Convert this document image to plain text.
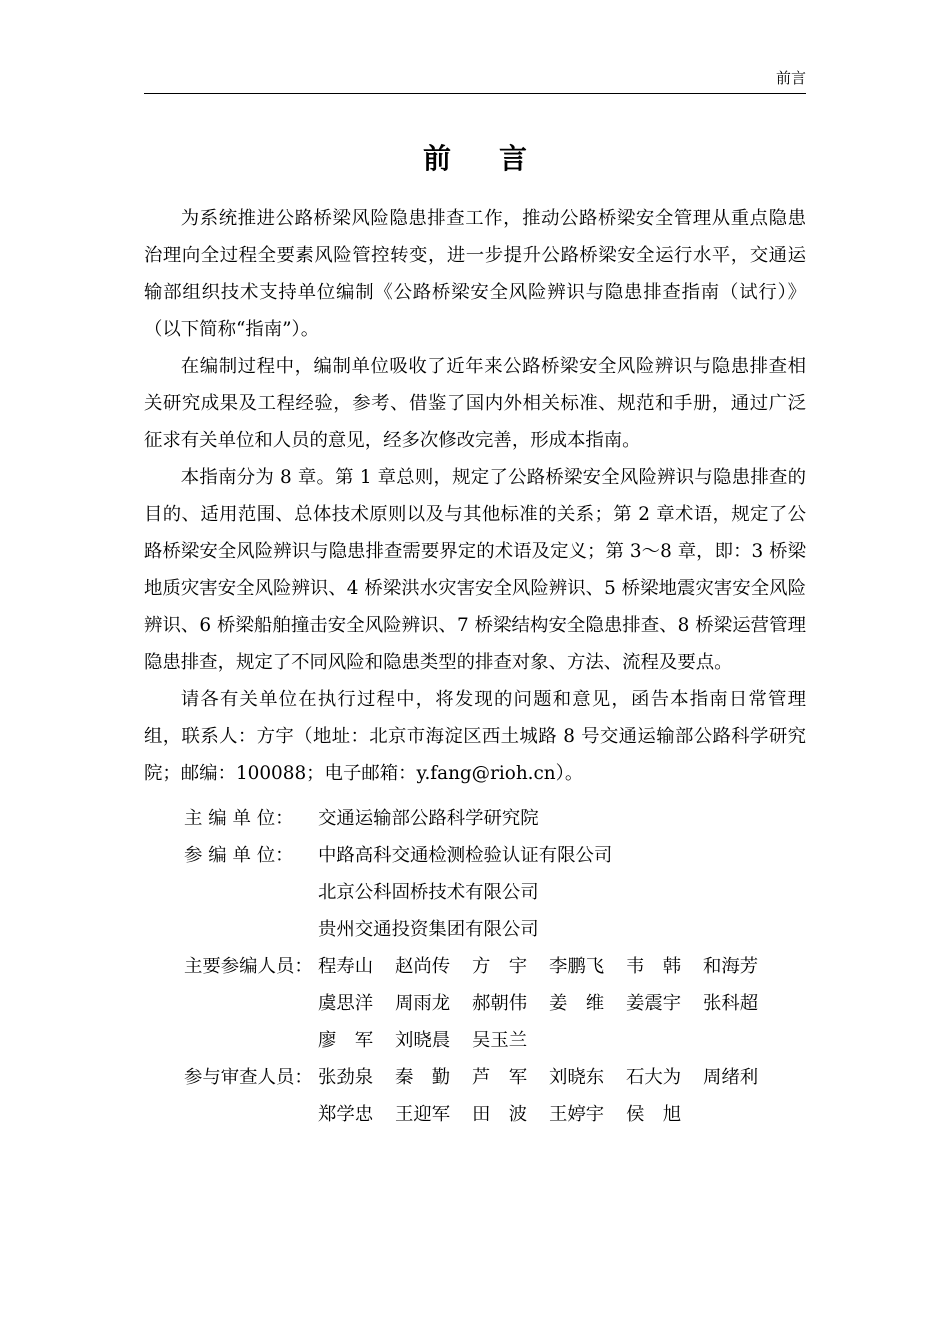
前言
前言

为系统推进公路桥梁风险隐患排查工作，推动公路桥梁安全管理从重点隐患治理向全过程全要素风险管控转变，进一步提升公路桥梁安全运行水平，交通运输部组织技术支持单位编制《公路桥梁安全风险辨识与隐患排查指南（试行）》（以下简称“指南”）。

在编制过程中，编制单位吸收了近年来公路桥梁安全风险辨识与隐患排查相关研究成果及工程经验，参考、借鉴了国内外相关标准、规范和手册，通过广泛征求有关单位和人员的意见，经多次修改完善，形成本指南。

本指南分为 8 章。第 1 章总则，规定了公路桥梁安全风险辨识与隐患排查的目的、适用范围、总体技术原则以及与其他标准的关系；第 2 章术语，规定了公路桥梁安全风险辨识与隐患排查需要界定的术语及定义；第 3～8 章，即：3 桥梁地质灾害安全风险辨识、4 桥梁洪水灾害安全风险辨识、5 桥梁地震灾害安全风险辨识、6 桥梁船舶撞击安全风险辨识、7 桥梁结构安全隐患排查、8 桥梁运营管理隐患排查，规定了不同风险和隐患类型的排查对象、方法、流程及要点。

请各有关单位在执行过程中，将发现的问题和意见，函告本指南日常管理组，联系人：方宇（地址：北京市海淀区西土城路 8 号交通运输部公路科学研究院；邮编：100088；电子邮箱：y.fang@rioh.cn）。

主 编 单 位：	交通运输部公路科学研究院
参 编 单 位：	中路高科交通检测检验认证有限公司
北京公科固桥技术有限公司
贵州交通投资集团有限公司
主要参编人员： 程寿山	赵尚传	方　宇	李鹏飞	韦　韩	和海芳
虞思洋	周雨龙	郝朝伟	姜　维	姜震宇	张科超
廖　军	刘晓晨	吴玉兰
参与审查人员： 张劲泉	秦　勤	芦　军	刘晓东	石大为	周绪利
郑学忠	王迎军	田　波	王婷宇	侯　旭
